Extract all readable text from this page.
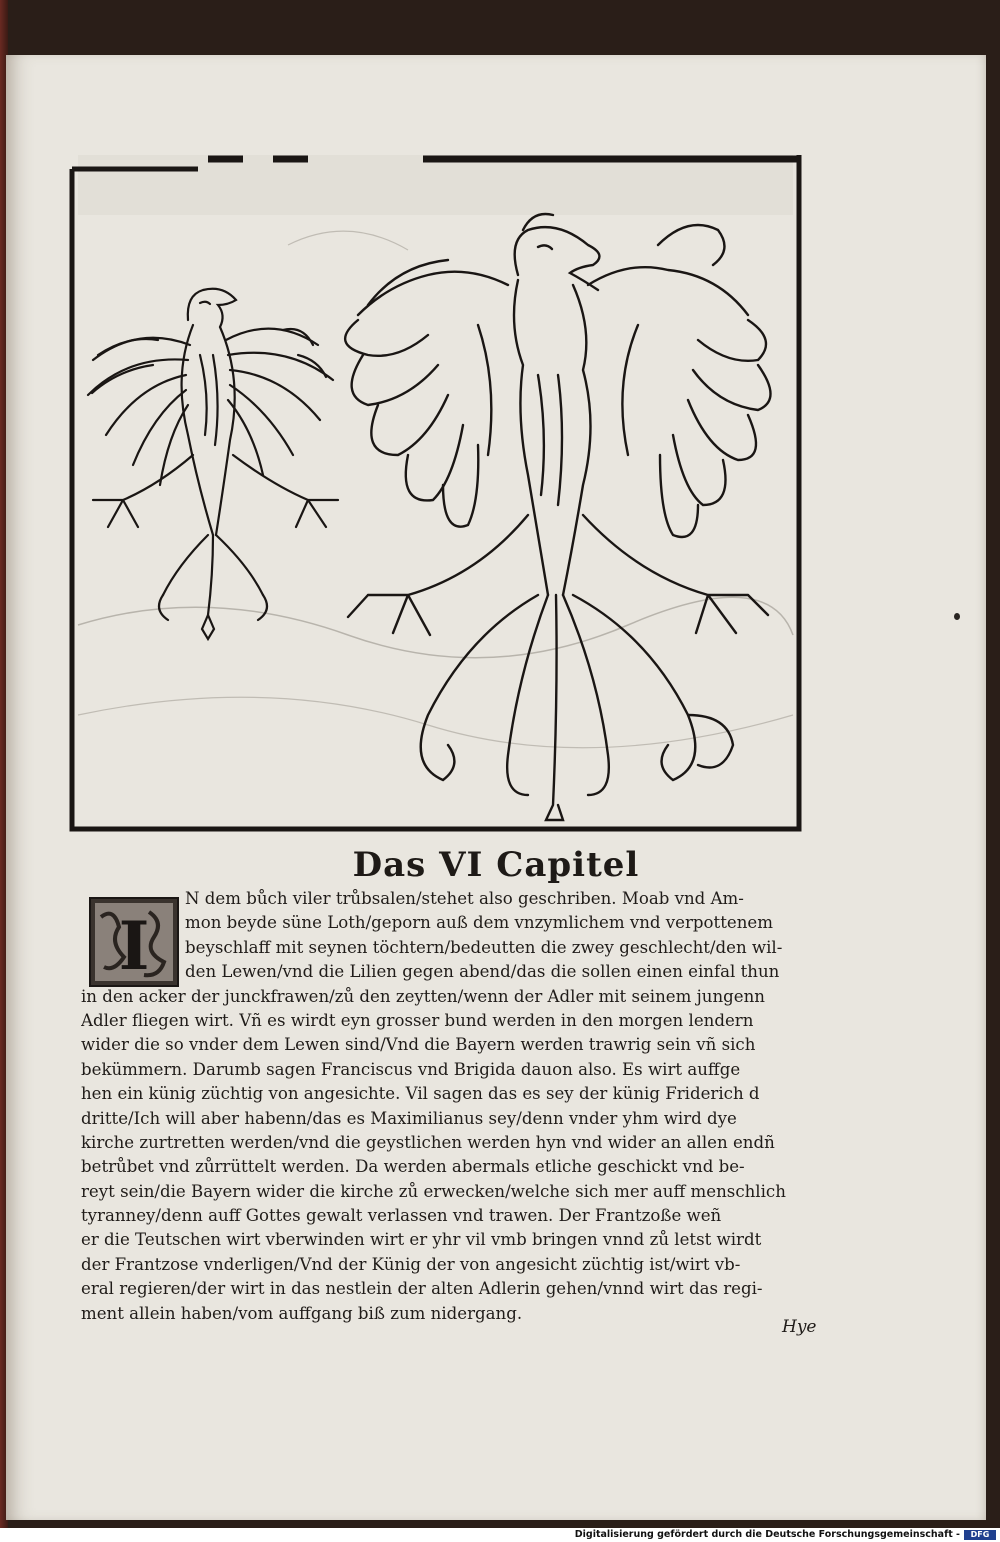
Das VI Capitel
I
N dem bůch viler trůbsalen/stehet also geschriben. Moab vnd Am-
mon beyde süne Loth/geporn auß dem vnzymlichem vnd verpottenem
beyschlaff mit seynen töchtern/bedeutten die zwey geschlecht/den wil-
den Lewen/vnd die Lilien gegen abend/das die sollen einen einfal thun
in den acker der junckfrawen/zů den zeytten/wenn der Adler mit seinem jungenn
Adler fliegen wirt. Vñ es wirdt eyn grosser bund werden in den morgen lendern
wider die so vnder dem Lewen sind/Vnd die Bayern werden trawrig sein vñ sich
bekümmern. Darumb sagen Franciscus vnd Brigida dauon also. Es wirt auffge
hen ein künig züchtig von angesichte. Vil sagen das es sey der künig Friderich d
dritte/Ich will aber habenn/das es Maximilianus sey/denn vnder yhm wird dye
kirche zurtretten werden/vnd die geystlichen werden hyn vnd wider an allen endñ
betrůbet vnd zůrrüttelt werden. Da werden abermals etliche geschickt vnd be-
reyt sein/die Bayern wider die kirche zů erwecken/welche sich mer auff menschlich
tyranney/denn auff Gottes gewalt verlassen vnd trawen. Der Frantzoße weñ
er die Teutschen wirt vberwinden wirt er yhr vil vmb bringen vnnd zů letst wirdt
der Frantzose vnderligen/Vnd der Künig der von angesicht züchtig ist/wirt vb-
eral regieren/der wirt in das nestlein der alten Adlerin gehen/vnnd wirt das regi-
ment allein haben/vom auffgang biß zum nidergang.
Hye
Digitalisierung gefördert durch die Deutsche Forschungsgemeinschaft -	DFG
